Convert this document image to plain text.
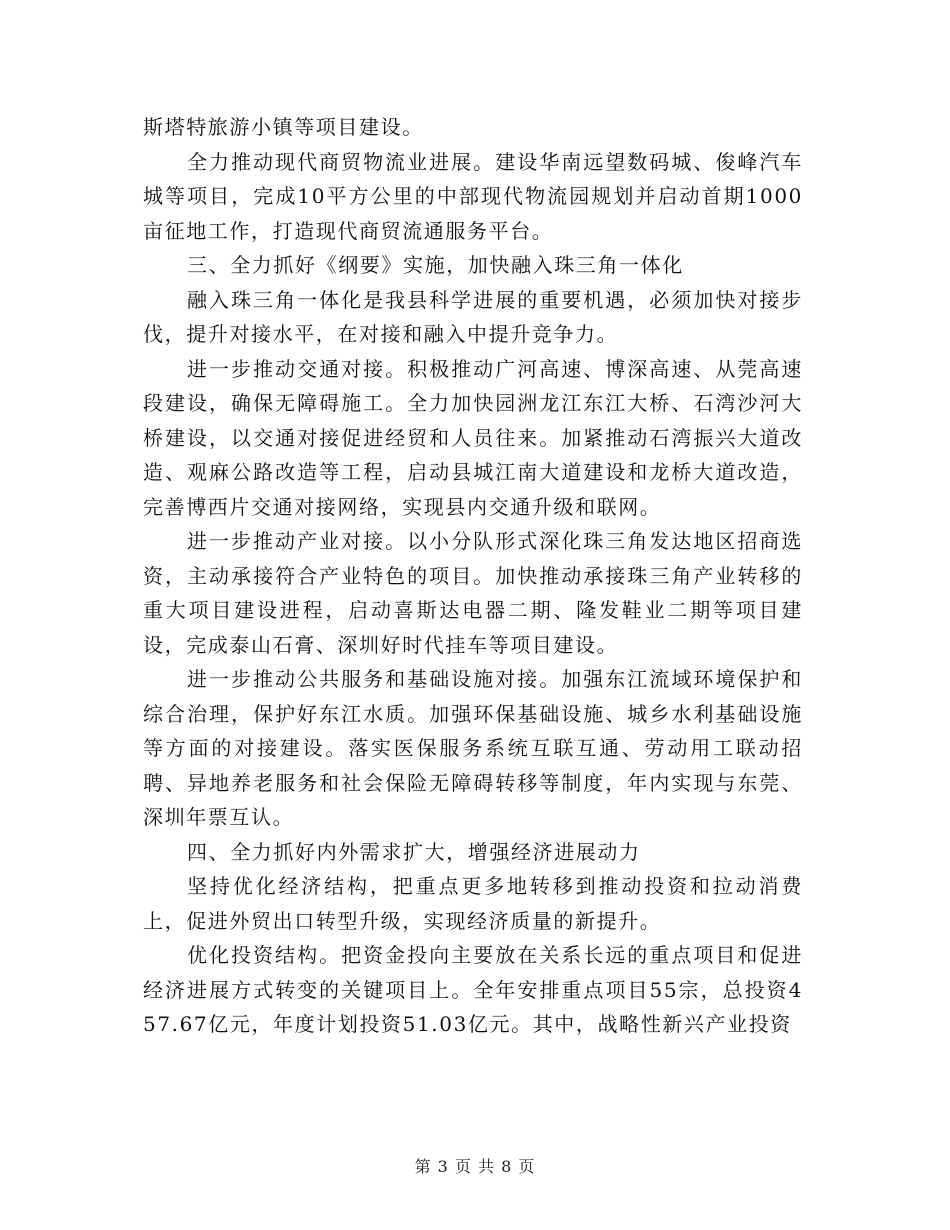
斯塔特旅游小镇等项目建设。

全力推动现代商贸物流业进展。建设华南远望数码城、俊峰汽车城等项目，完成10平方公里的中部现代物流园规划并启动首期1000亩征地工作，打造现代商贸流通服务平台。

三、全力抓好《纲要》实施，加快融入珠三角一体化

融入珠三角一体化是我县科学进展的重要机遇，必须加快对接步伐，提升对接水平，在对接和融入中提升竞争力。

进一步推动交通对接。积极推动广河高速、博深高速、从莞高速段建设，确保无障碍施工。全力加快园洲龙江东江大桥、石湾沙河大桥建设，以交通对接促进经贸和人员往来。加紧推动石湾振兴大道改造、观麻公路改造等工程，启动县城江南大道建设和龙桥大道改造，完善博西片交通对接网络，实现县内交通升级和联网。

进一步推动产业对接。以小分队形式深化珠三角发达地区招商选资，主动承接符合产业特色的项目。加快推动承接珠三角产业转移的重大项目建设进程，启动喜斯达电器二期、隆发鞋业二期等项目建设，完成泰山石膏、深圳好时代挂车等项目建设。

进一步推动公共服务和基础设施对接。加强东江流域环境保护和综合治理，保护好东江水质。加强环保基础设施、城乡水利基础设施等方面的对接建设。落实医保服务系统互联互通、劳动用工联动招聘、异地养老服务和社会保险无障碍转移等制度，年内实现与东莞、深圳年票互认。

四、全力抓好内外需求扩大，增强经济进展动力

坚持优化经济结构，把重点更多地转移到推动投资和拉动消费上，促进外贸出口转型升级，实现经济质量的新提升。

优化投资结构。把资金投向主要放在关系长远的重点项目和促进经济进展方式转变的关键项目上。全年安排重点项目55宗，总投资457.67亿元，年度计划投资51.03亿元。其中，战略性新兴产业投资

第 3 页 共 8 页
